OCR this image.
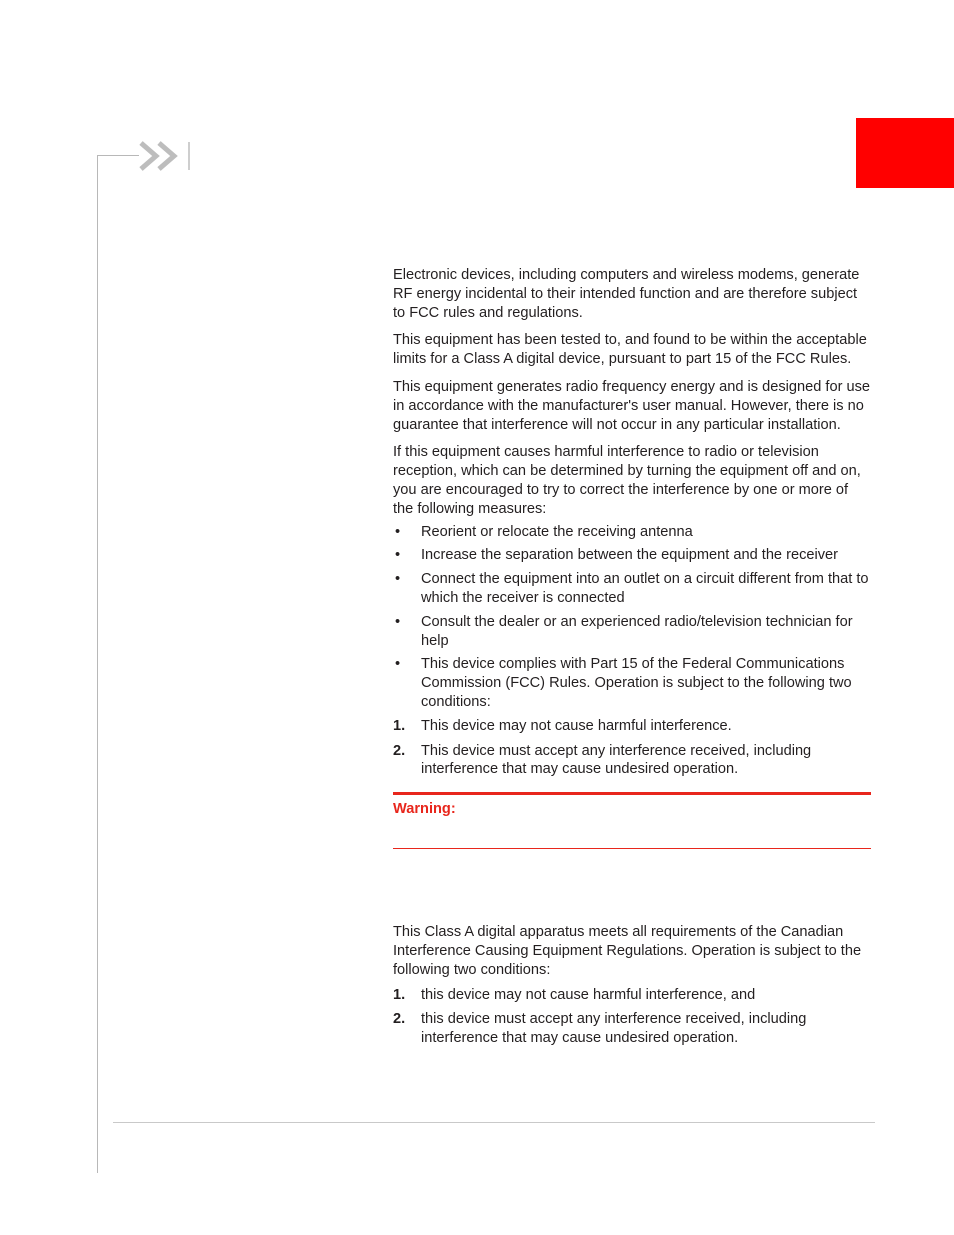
Electronic devices, including computers and wireless modems, generate RF energy incidental to their intended function and are therefore subject to FCC rules and regulations.

This equipment has been tested to, and found to be within the acceptable limits for a Class A digital device, pursuant to part 15 of the FCC Rules.

This equipment generates radio frequency energy and is designed for use in accordance with the manufacturer's user manual. However, there is no guarantee that interference will not occur in any particular installation.

If this equipment causes harmful interference to radio or television reception, which can be determined by turning the equipment off and on, you are encouraged to try to correct the interference by one or more of the following measures:

• Reorient or relocate the receiving antenna
• Increase the separation between the equipment and the receiver
• Connect the equipment into an outlet on a circuit different from that to which the receiver is connected
• Consult the dealer or an experienced radio/television technician for help
• This device complies with Part 15 of the Federal Communications Commission (FCC) Rules. Operation is subject to the following two conditions:
1. This device may not cause harmful interference.
2. This device must accept any interference received, including interference that may cause undesired operation.
Warning:

This Class A digital apparatus meets all requirements of the Canadian Interference Causing Equipment Regulations. Operation is subject to the following two conditions:

1. this device may not cause harmful interference, and
2. this device must accept any interference received, including interference that may cause undesired operation.
